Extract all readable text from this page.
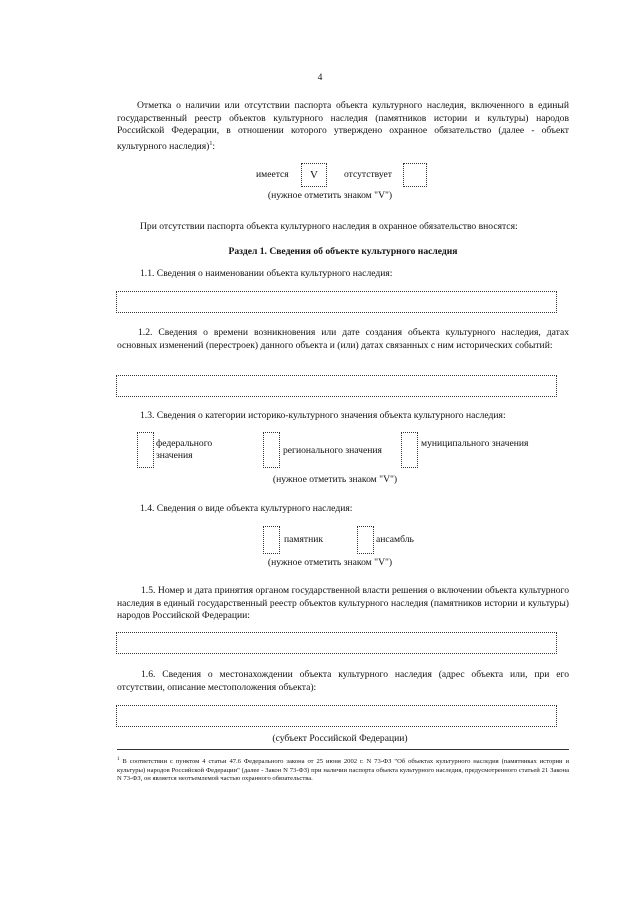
4
Отметка о наличии или отсутствии паспорта объекта культурного наследия, включенного в единый государственный реестр объектов культурного наследия (памятников истории и культуры) народов Российской Федерации, в отношении которого утверждено охранное обязательство (далее - объект культурного наследия)$^1$:
имеется	V	отсутствует
(нужное отметить знаком "V")
При отсутствии паспорта объекта культурного наследия в охранное обязательство вносятся:
Раздел 1. Сведения об объекте культурного наследия
1.1. Сведения о наименовании объекта культурного наследия:
1.2. Сведения о времени возникновения или дате создания объекта культурного наследия, датах основных изменений (перестроек) данного объекта и (или) датах связанных с ним исторических событий:
1.3. Сведения о категории историко-культурного значения объекта культурного наследия:
федерального значения	регионального значения
муниципального значения
(нужное отметить знаком "V")
1.4. Сведения о виде объекта культурного наследия:
памятник	ансамбль
(нужное отметить знаком "V")
1.5. Номер и дата принятия органом государственной власти решения о включении объекта культурного наследия в единый государственный реестр объектов культурного наследия (памятников истории и культуры) народов Российской Федерации:
1.6. Сведения о местонахождении объекта культурного наследия (адрес объекта или, при его отсутствии, описание местоположения объекта):
(субъект Российской Федерации)
$^1$ В соответствии с пунктом 4 статьи 47.6 Федерального закона от 25 июня 2002 г. N 73-ФЗ "Об объектах культурного наследия (памятниках истории и культуры) народов Российской Федерации" (далее - Закон N 73-ФЗ) при наличии паспорта объекта культурного наследия, предусмотренного статьей 21 Закона N 73-ФЗ, он является неотъемлемой частью охранного обязательства.
